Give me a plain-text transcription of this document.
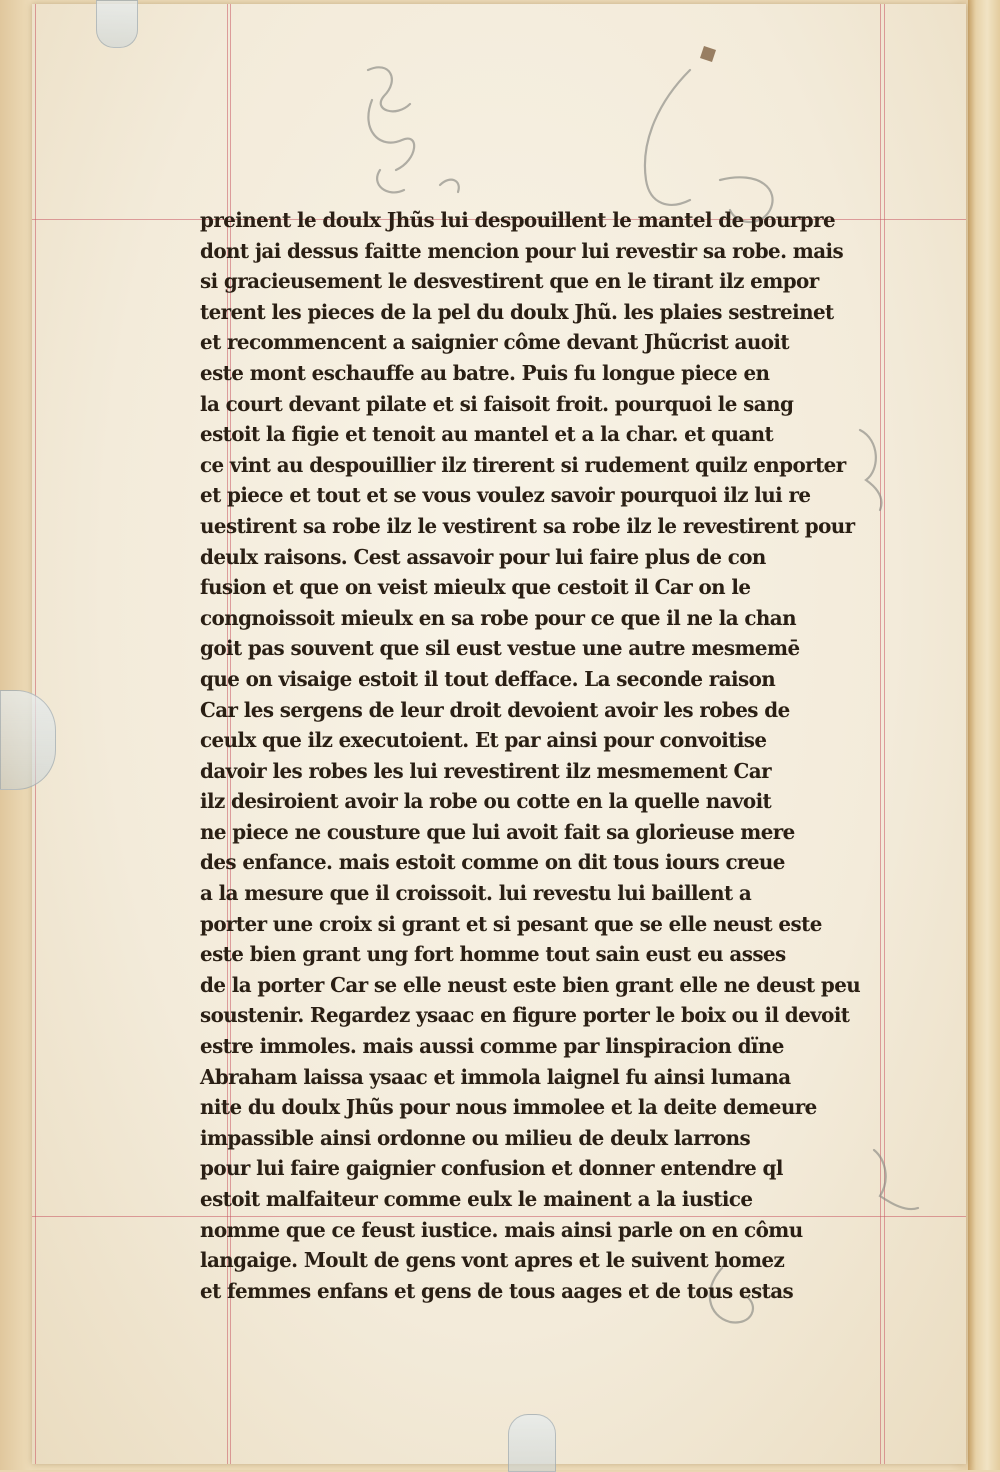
preinent le doulx Jhũs lui despouillent le mantel de pourpre
dont jai dessus faitte mencion pour lui revestir sa robe. mais
si gracieusement le desvestirent que en le tirant ilz empor
terent les pieces de la pel du doulx Jhũ. les plaies sestreinet
et recommencent a saignier côme devant Jhũcrist auoit
este mont eschauffe au batre. Puis fu longue piece en
la court devant pilate et si faisoit froit. pourquoi le sang
estoit la figie et tenoit au mantel et a la char. et quant
ce vint au despouillier ilz tirerent si rudement quilz enporter
et piece et tout et se vous voulez savoir pourquoi ilz lui re
uestirent sa robe ilz le vestirent sa robe ilz le revestirent pour
deulx raisons. Cest assavoir pour lui faire plus de con
fusion et que on veist mieulx que cestoit il Car on le
congnoissoit mieulx en sa robe pour ce que il ne la chan
goit pas souvent que sil eust vestue une autre mesmemē
que on visaige estoit il tout defface. La seconde raison
Car les sergens de leur droit devoient avoir les robes de
ceulx que ilz executoient. Et par ainsi pour convoitise
davoir les robes les lui revestirent ilz mesmement Car
ilz desiroient avoir la robe ou cotte en la quelle navoit
ne piece ne cousture que lui avoit fait sa glorieuse mere
des enfance. mais estoit comme on dit tous iours creue
a la mesure que il croissoit. lui revestu lui baillent a
porter une croix si grant et si pesant que se elle neust este
este bien grant ung fort homme tout sain eust eu asses
de la porter Car se elle neust este bien grant elle ne deust peu
soustenir. Regardez ysaac en figure porter le boix ou il devoit
estre immoles. mais aussi comme par linspiracion dïne
Abraham laissa ysaac et immola laignel fu ainsi lumana
nite du doulx Jhũs pour nous immolee et la deite demeure
impassible ainsi ordonne ou milieu de deulx larrons
pour lui faire gaignier confusion et donner entendre ql
estoit malfaiteur comme eulx le mainent a la iustice
nomme que ce feust iustice. mais ainsi parle on en cômu
langaige. Moult de gens vont apres et le suivent homez
et femmes enfans et gens de tous aages et de tous estas
